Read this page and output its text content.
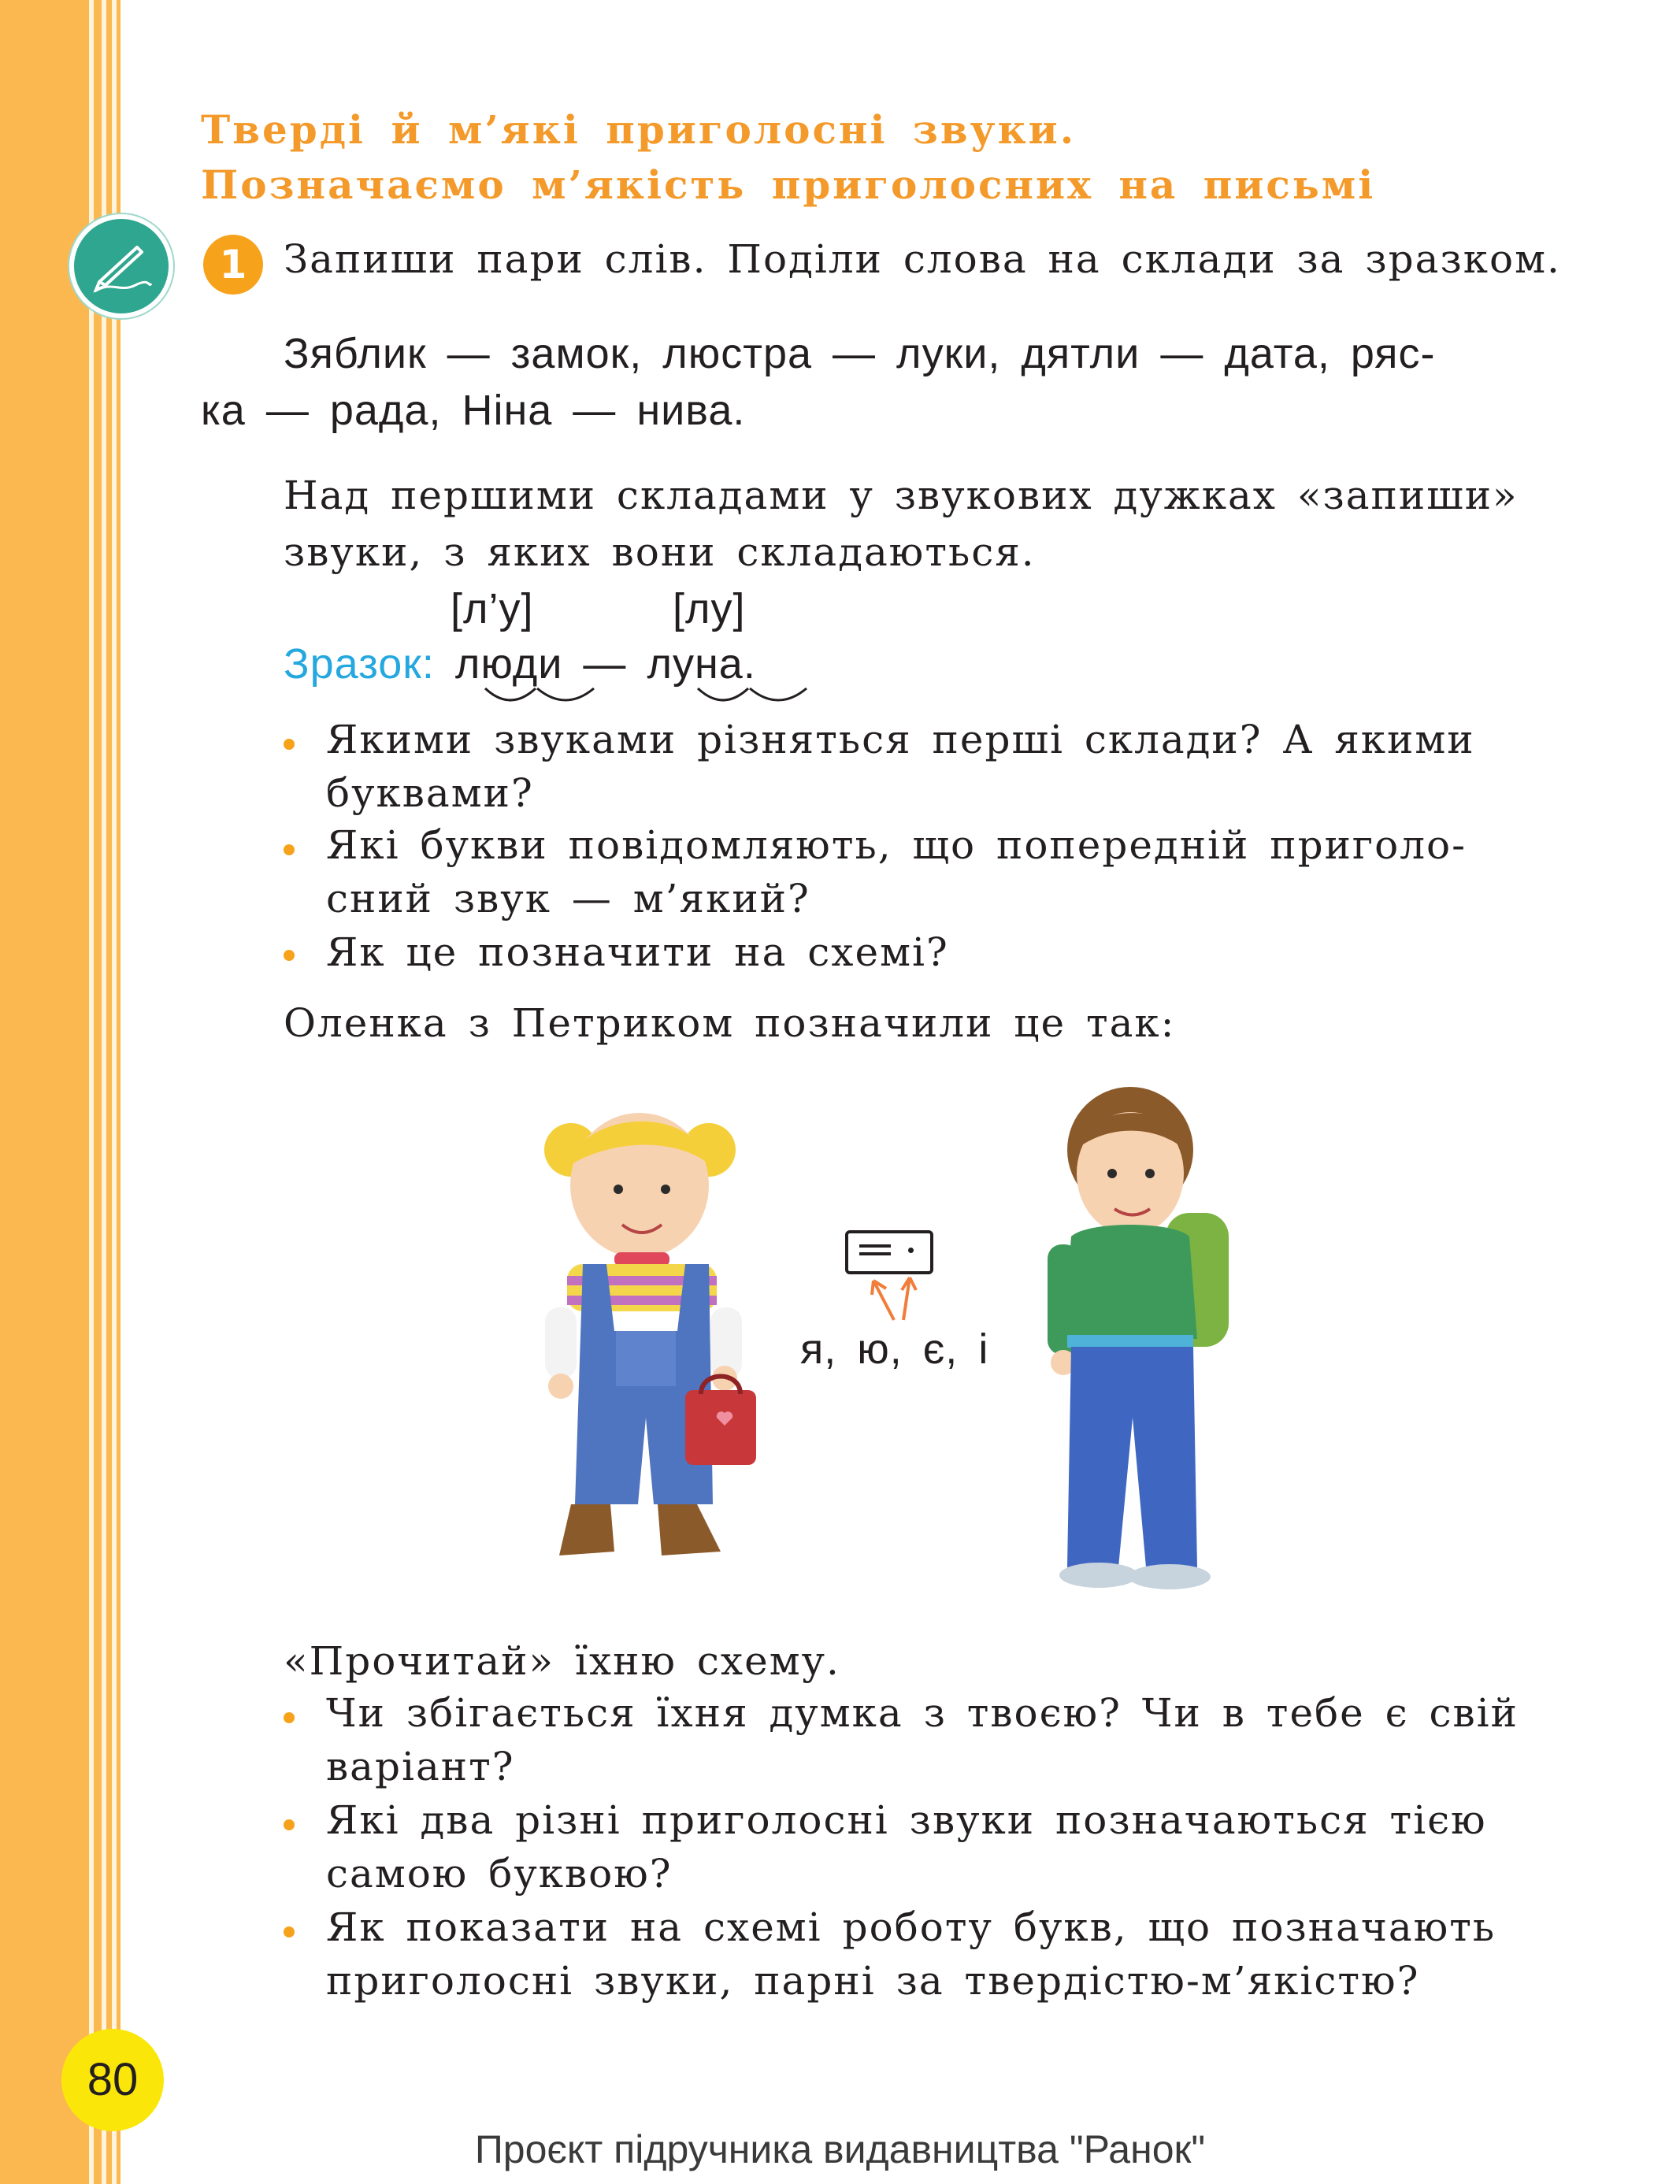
Тверді й м’які приголосні звуки.
Позначаємо м’якість приголосних на письмі
1 Запиши пари слів. Поділи слова на склади за зразком.
Зяблик — замок, люстра — луки, дятли — дата, ряс-
ка — рада, Ніна — нива.
Над першими складами у звукових дужках «запиши»
звуки, з яких вони складаються.
[л’у]	[лу]
Зразок: люди — луна.
Якими звуками різняться перші склади? А якими
буквами?
Які букви повідомляють, що попередній приголо-
сний звук — м’який?
Як це позначити на схемі?
Оленка з Петриком позначили це так:
я, ю, є, і
«Прочитай» їхню схему.
Чи збігається їхня думка з твоєю? Чи в тебе є свій
варіант?
Які два різні приголосні звуки позначаються тією
самою буквою?
Як показати на схемі роботу букв, що позначають
приголосні звуки, парні за твердістю-м’якістю?
80
Проєкт підручника видавництва "Ранок"
